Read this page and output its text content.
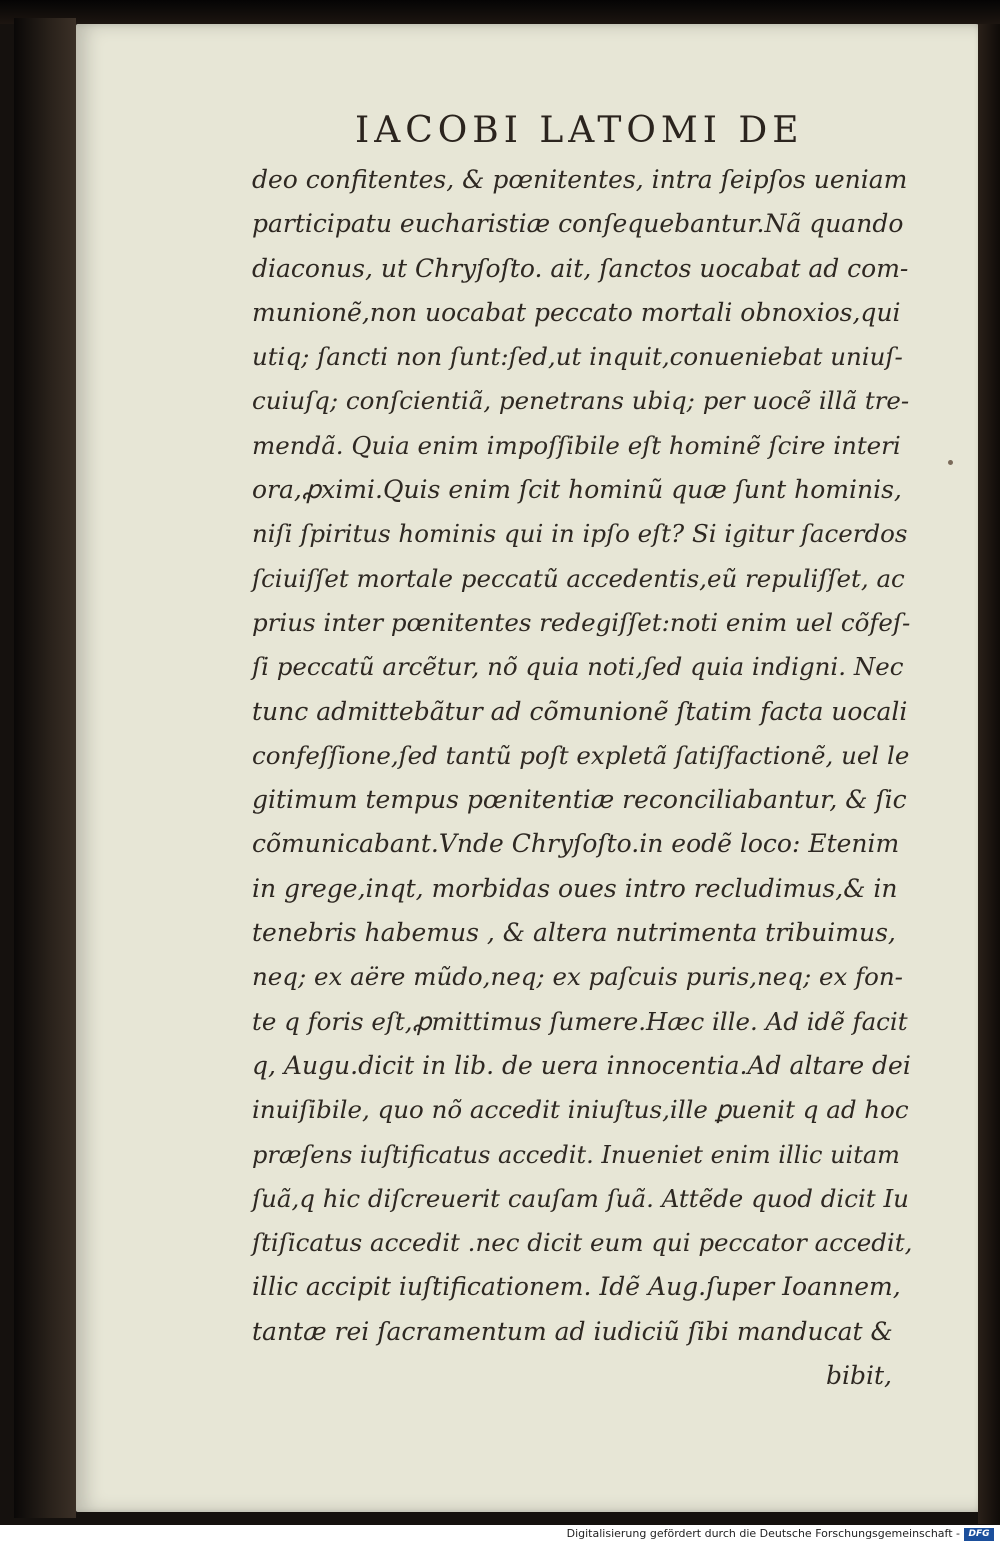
IACOBI LATOMI DE
deo confitentes, & pœnitentes, intra ſeipſos ueniam
participatu eucharistiæ conſequebantur.Nã quando
diaconus, ut Chryſoſto. ait, ſanctos uocabat ad com-
munionẽ,non uocabat peccato mortali obnoxios,qui
utiq; ſancti non ſunt:ſed,ut inquit,conueniebat uniuſ-
cuiuſq; conſcientiã, penetrans ubiq; per uocẽ illã tre-
mendã. Quia enim impoſſibile eſt hominẽ ſcire interi
ora,ꝓximi.Quis enim ſcit hominũ quæ ſunt hominis,
niſi ſpiritus hominis qui in ipſo eſt? Si igitur ſacerdos
ſciuiſſet mortale peccatũ accedentis,eũ repuliſſet, ac
prius inter pœnitentes redegiſſet:noti enim uel cõfeſ-
ſi peccatũ arcẽtur, nõ quia noti,ſed quia indigni. Nec
tunc admittebãtur ad cõmunionẽ ſtatim facta uocali
confeſſione,ſed tantũ poſt expletã ſatiſfactionẽ, uel le
gitimum tempus pœnitentiæ reconciliabantur, & ſic
cõmunicabant.Vnde Chryſoſto.in eodẽ loco: Etenim
in grege,inqt, morbidas oues intro recludimus,& in
tenebris habemus , & altera nutrimenta tribuimus,
neq; ex aëre mũdo,neq; ex paſcuis puris,neq; ex fon-
te q foris eſt,ꝓmittimus ſumere.Hæc ille. Ad idẽ facit
q, Augu.dicit in lib. de uera innocentia.Ad altare dei
inuiſibile, quo nõ accedit iniuſtus,ille ꝑuenit q ad hoc
præſens iuſtificatus accedit. Inueniet enim illic uitam
ſuã,q hic diſcreuerit cauſam ſuã. Attẽde quod dicit Iu
ſtiſicatus accedit .nec dicit eum qui peccator accedit,
illic accipit iuſtificationem. Idẽ Aug.ſuper Ioannem,
tantæ rei ſacramentum ad iudiciũ ſibi manducat &
bibit,
Digitalisierung gefördert durch die Deutsche Forschungsgemeinschaft - DFG
